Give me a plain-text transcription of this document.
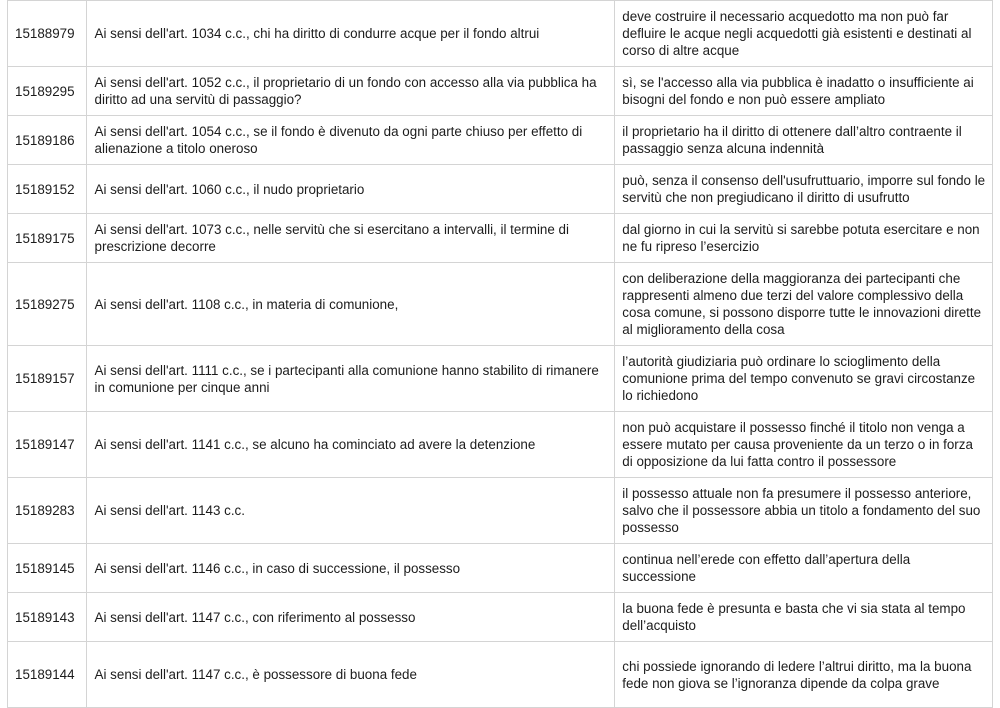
15188979	Ai sensi dell'art. 1034 c.c., chi ha diritto di condurre acque per il fondo altrui	deve costruire il necessario acquedotto ma non può far defluire le acque negli acquedotti già esistenti e destinati al corso di altre acque
15189295	Ai sensi dell'art. 1052 c.c., il proprietario di un fondo con accesso alla via pubblica ha diritto ad una servitù di passaggio?	sì, se l'accesso alla via pubblica è inadatto o insufficiente ai bisogni del fondo e non può essere ampliato
15189186	Ai sensi dell'art. 1054 c.c., se il fondo è divenuto da ogni parte chiuso per effetto di alienazione a titolo oneroso	il proprietario ha il diritto di ottenere dall’altro contraente il passaggio senza alcuna indennità
15189152	Ai sensi dell'art. 1060 c.c., il nudo proprietario	può, senza il consenso dell'usufruttuario, imporre sul fondo le servitù che non pregiudicano il diritto di usufrutto
15189175	Ai sensi dell'art. 1073 c.c., nelle servitù che si esercitano a intervalli, il termine di prescrizione decorre	dal giorno in cui la servitù si sarebbe potuta esercitare e non ne fu ripreso l’esercizio
15189275	Ai sensi dell'art. 1108 c.c., in materia di comunione,	con deliberazione della maggioranza dei partecipanti che rappresenti almeno due terzi del valore complessivo della cosa comune, si possono disporre tutte le innovazioni dirette al miglioramento della cosa
15189157	Ai sensi dell'art. 1111 c.c., se i partecipanti alla comunione hanno stabilito di rimanere in comunione per cinque anni	l’autorità giudiziaria può ordinare lo scioglimento della comunione prima del tempo convenuto se gravi circostanze lo richiedono
15189147	Ai sensi dell'art. 1141 c.c., se alcuno ha cominciato ad avere la detenzione	non può acquistare il possesso finché il titolo non venga a essere mutato per causa proveniente da un terzo o in forza di opposizione da lui fatta contro il possessore
15189283	Ai sensi dell'art. 1143 c.c.	il possesso attuale non fa presumere il possesso anteriore, salvo che il possessore abbia un titolo a fondamento del suo possesso
15189145	Ai sensi dell'art. 1146 c.c., in caso di successione, il possesso	continua nell’erede con effetto dall’apertura della successione
15189143	Ai sensi dell'art. 1147 c.c., con riferimento al possesso	la buona fede è presunta e basta che vi sia stata al tempo dell’acquisto
15189144	Ai sensi dell'art. 1147 c.c., è possessore di buona fede	chi possiede ignorando di ledere l’altrui diritto, ma la buona fede non giova se l’ignoranza dipende da colpa grave
